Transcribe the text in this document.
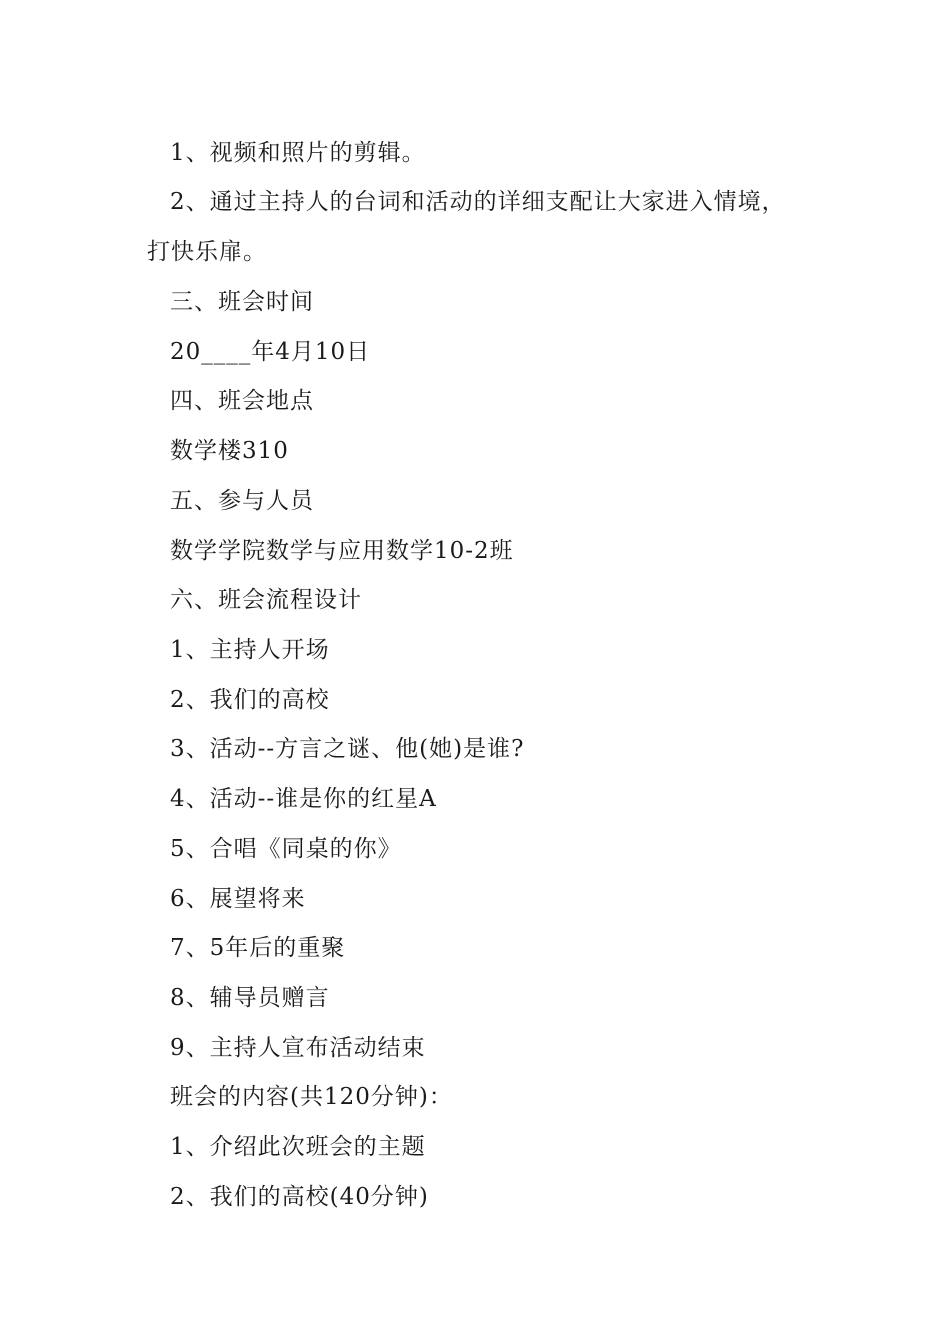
1、视频和照片的剪辑。
2、通过主持人的台词和活动的详细支配让大家进入情境，
打快乐扉。
三、班会时间
20____年4月10日
四、班会地点
数学楼310
五、参与人员
数学学院数学与应用数学10-2班
六、班会流程设计
1、主持人开场
2、我们的高校
3、活动--方言之谜、他(她)是谁?
4、活动--谁是你的红星A
5、合唱《同桌的你》
6、展望将来
7、5年后的重聚
8、辅导员赠言
9、主持人宣布活动结束
班会的内容(共120分钟)：
1、介绍此次班会的主题
2、我们的高校(40分钟)
